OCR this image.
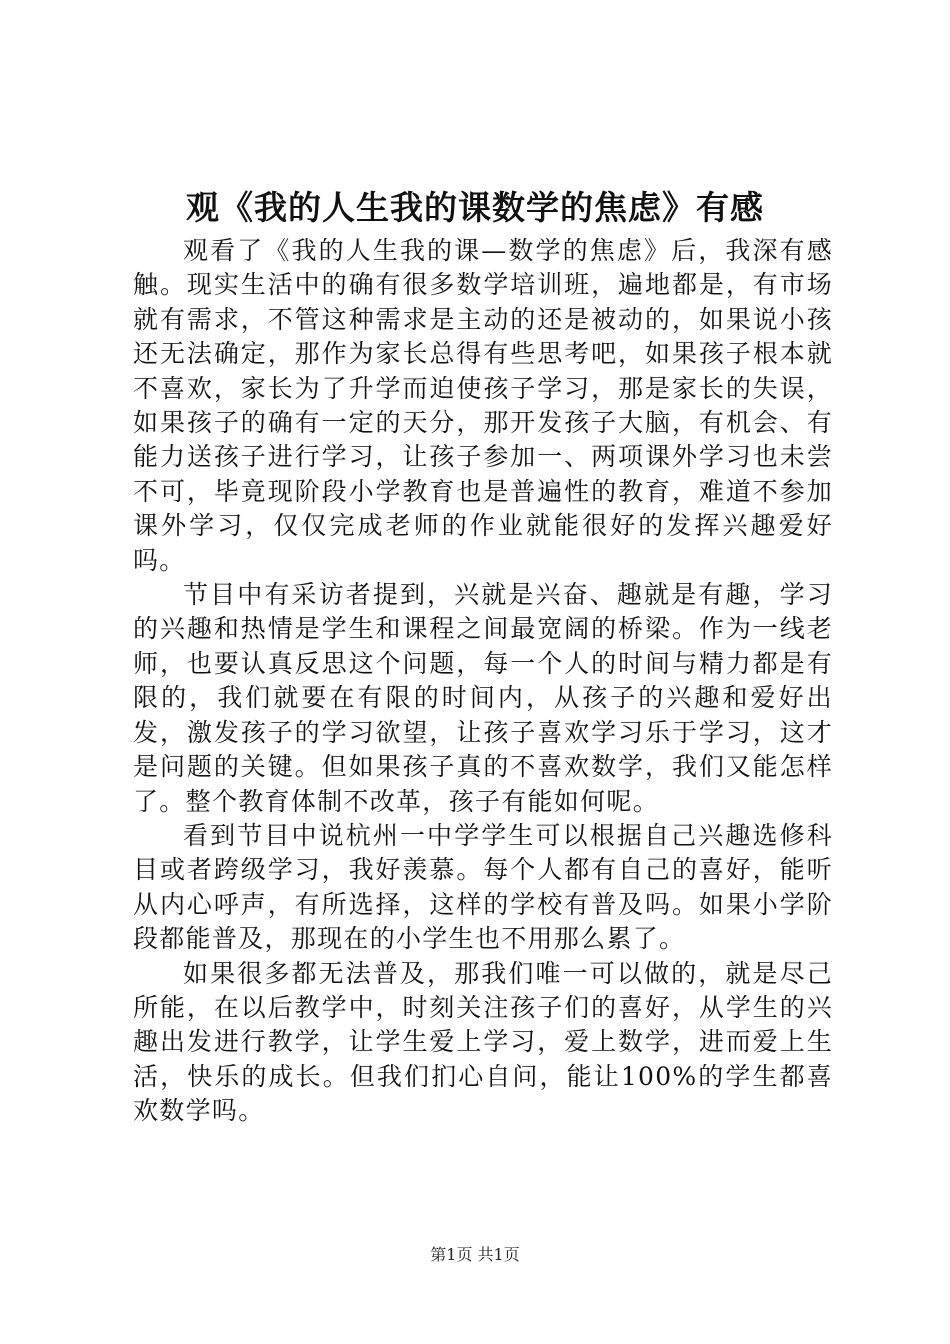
观《我的人生我的课数学的焦虑》有感

观看了《我的人生我的课—数学的焦虑》后，我深有感触。现实生活中的确有很多数学培训班，遍地都是，有市场就有需求，不管这种需求是主动的还是被动的，如果说小孩还无法确定，那作为家长总得有些思考吧，如果孩子根本就不喜欢，家长为了升学而迫使孩子学习，那是家长的失误，如果孩子的确有一定的天分，那开发孩子大脑，有机会、有能力送孩子进行学习，让孩子参加一、两项课外学习也未尝不可，毕竟现阶段小学教育也是普遍性的教育，难道不参加课外学习，仅仅完成老师的作业就能很好的发挥兴趣爱好吗。

节目中有采访者提到，兴就是兴奋、趣就是有趣，学习的兴趣和热情是学生和课程之间最宽阔的桥梁。作为一线老师，也要认真反思这个问题，每一个人的时间与精力都是有限的，我们就要在有限的时间内，从孩子的兴趣和爱好出发，激发孩子的学习欲望，让孩子喜欢学习乐于学习，这才是问题的关键。但如果孩子真的不喜欢数学，我们又能怎样了。整个教育体制不改革，孩子有能如何呢。

看到节目中说杭州一中学学生可以根据自己兴趣选修科目或者跨级学习，我好羡慕。每个人都有自己的喜好，能听从内心呼声，有所选择，这样的学校有普及吗。如果小学阶段都能普及，那现在的小学生也不用那么累了。

如果很多都无法普及，那我们唯一可以做的，就是尽己所能，在以后教学中，时刻关注孩子们的喜好，从学生的兴趣出发进行教学，让学生爱上学习，爱上数学，进而爱上生活，快乐的成长。但我们扪心自问，能让100%的学生都喜欢数学吗。

第1页 共1页
